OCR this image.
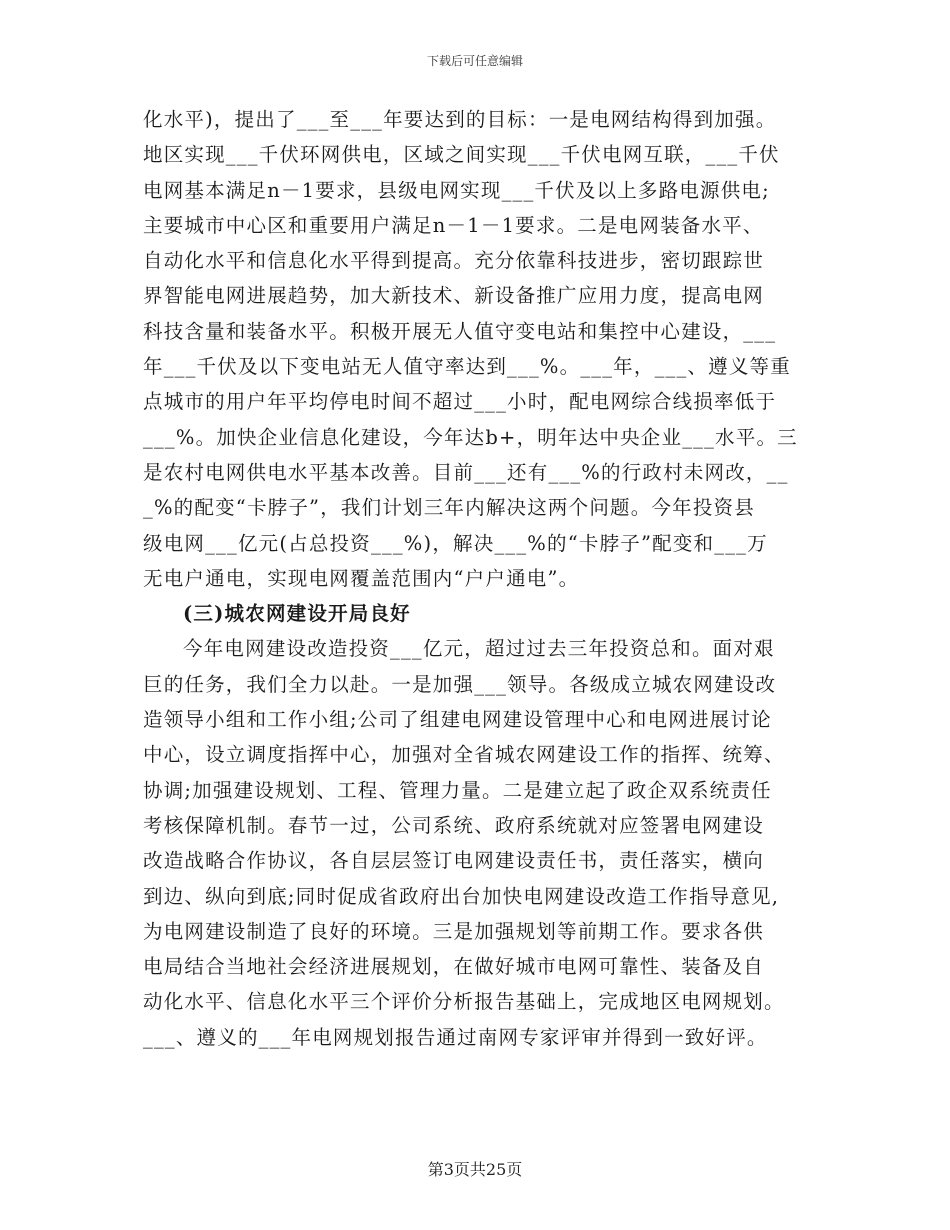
下载后可任意编辑
化水平)，提出了___至___年要达到的目标：一是电网结构得到加强。
地区实现___千伏环网供电，区域之间实现___千伏电网互联，___千伏
电网基本满足n－1要求，县级电网实现___千伏及以上多路电源供电;
主要城市中心区和重要用户满足n－1－1要求。二是电网装备水平、
自动化水平和信息化水平得到提高。充分依靠科技进步，密切跟踪世
界智能电网进展趋势，加大新技术、新设备推广应用力度，提高电网
科技含量和装备水平。积极开展无人值守变电站和集控中心建设，___
年___千伏及以下变电站无人值守率达到___%。___年，___、遵义等重
点城市的用户年平均停电时间不超过___小时，配电网综合线损率低于
___%。加快企业信息化建设，今年达b+，明年达中央企业___水平。三
是农村电网供电水平基本改善。目前___还有___%的行政村未网改，__
_%的配变“卡脖子”，我们计划三年内解决这两个问题。今年投资县
级电网___亿元(占总投资___%)，解决___%的“卡脖子”配变和___万
无电户通电，实现电网覆盖范围内“户户通电”。
(三)城农网建设开局良好
今年电网建设改造投资___亿元，超过过去三年投资总和。面对艰
巨的任务，我们全力以赴。一是加强___领导。各级成立城农网建设改
造领导小组和工作小组;公司了组建电网建设管理中心和电网进展讨论
中心，设立调度指挥中心，加强对全省城农网建设工作的指挥、统筹、
协调;加强建设规划、工程、管理力量。二是建立起了政企双系统责任
考核保障机制。春节一过，公司系统、政府系统就对应签署电网建设
改造战略合作协议，各自层层签订电网建设责任书，责任落实，横向
到边、纵向到底;同时促成省政府出台加快电网建设改造工作指导意见,
为电网建设制造了良好的环境。三是加强规划等前期工作。要求各供
电局结合当地社会经济进展规划，在做好城市电网可靠性、装备及自
动化水平、信息化水平三个评价分析报告基础上，完成地区电网规划。
___、遵义的___年电网规划报告通过南网专家评审并得到一致好评。
第3页共25页
